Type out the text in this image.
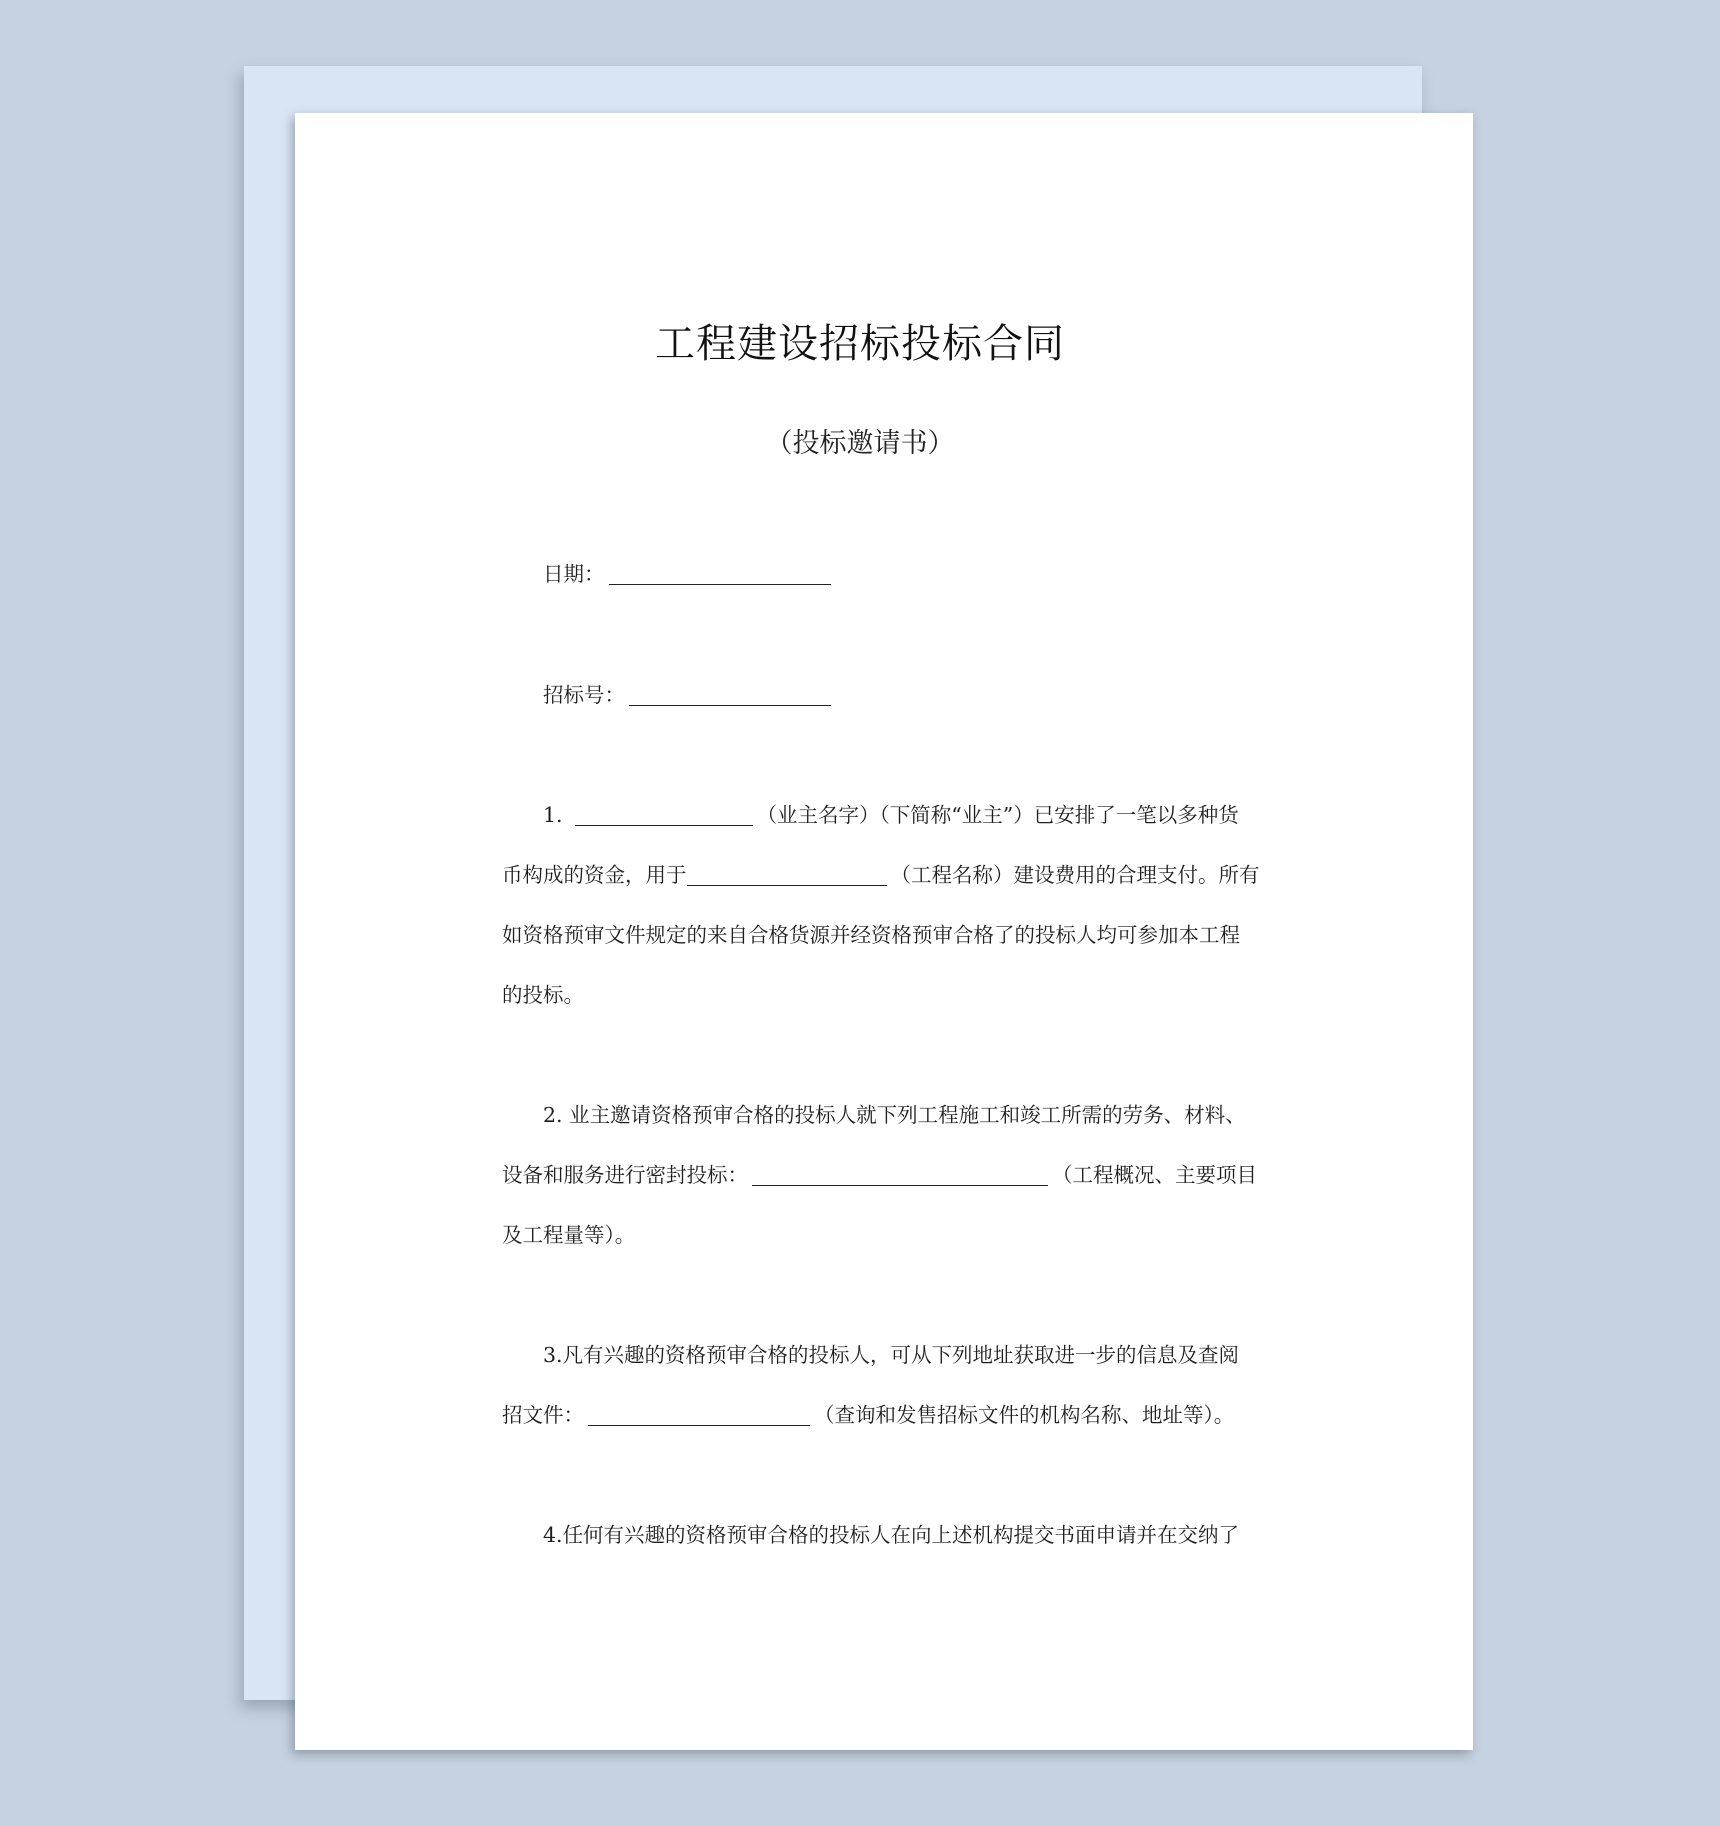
工程建设招标投标合同
（投标邀请书）
日期：
招标号：
1.	（业主名字）（下简称“业主”）已安排了一笔以多种货
币构成的资金，用于	（工程名称）建设费用的合理支付。所有
如资格预审文件规定的来自合格货源并经资格预审合格了的投标人均可参加本工程
的投标。
2. 业主邀请资格预审合格的投标人就下列工程施工和竣工所需的劳务、材料、
设备和服务进行密封投标：	（工程概况、主要项目
及工程量等）。
3.凡有兴趣的资格预审合格的投标人，可从下列地址获取进一步的信息及查阅
招文件：	（查询和发售招标文件的机构名称、地址等）。
4.任何有兴趣的资格预审合格的投标人在向上述机构提交书面申请并在交纳了
